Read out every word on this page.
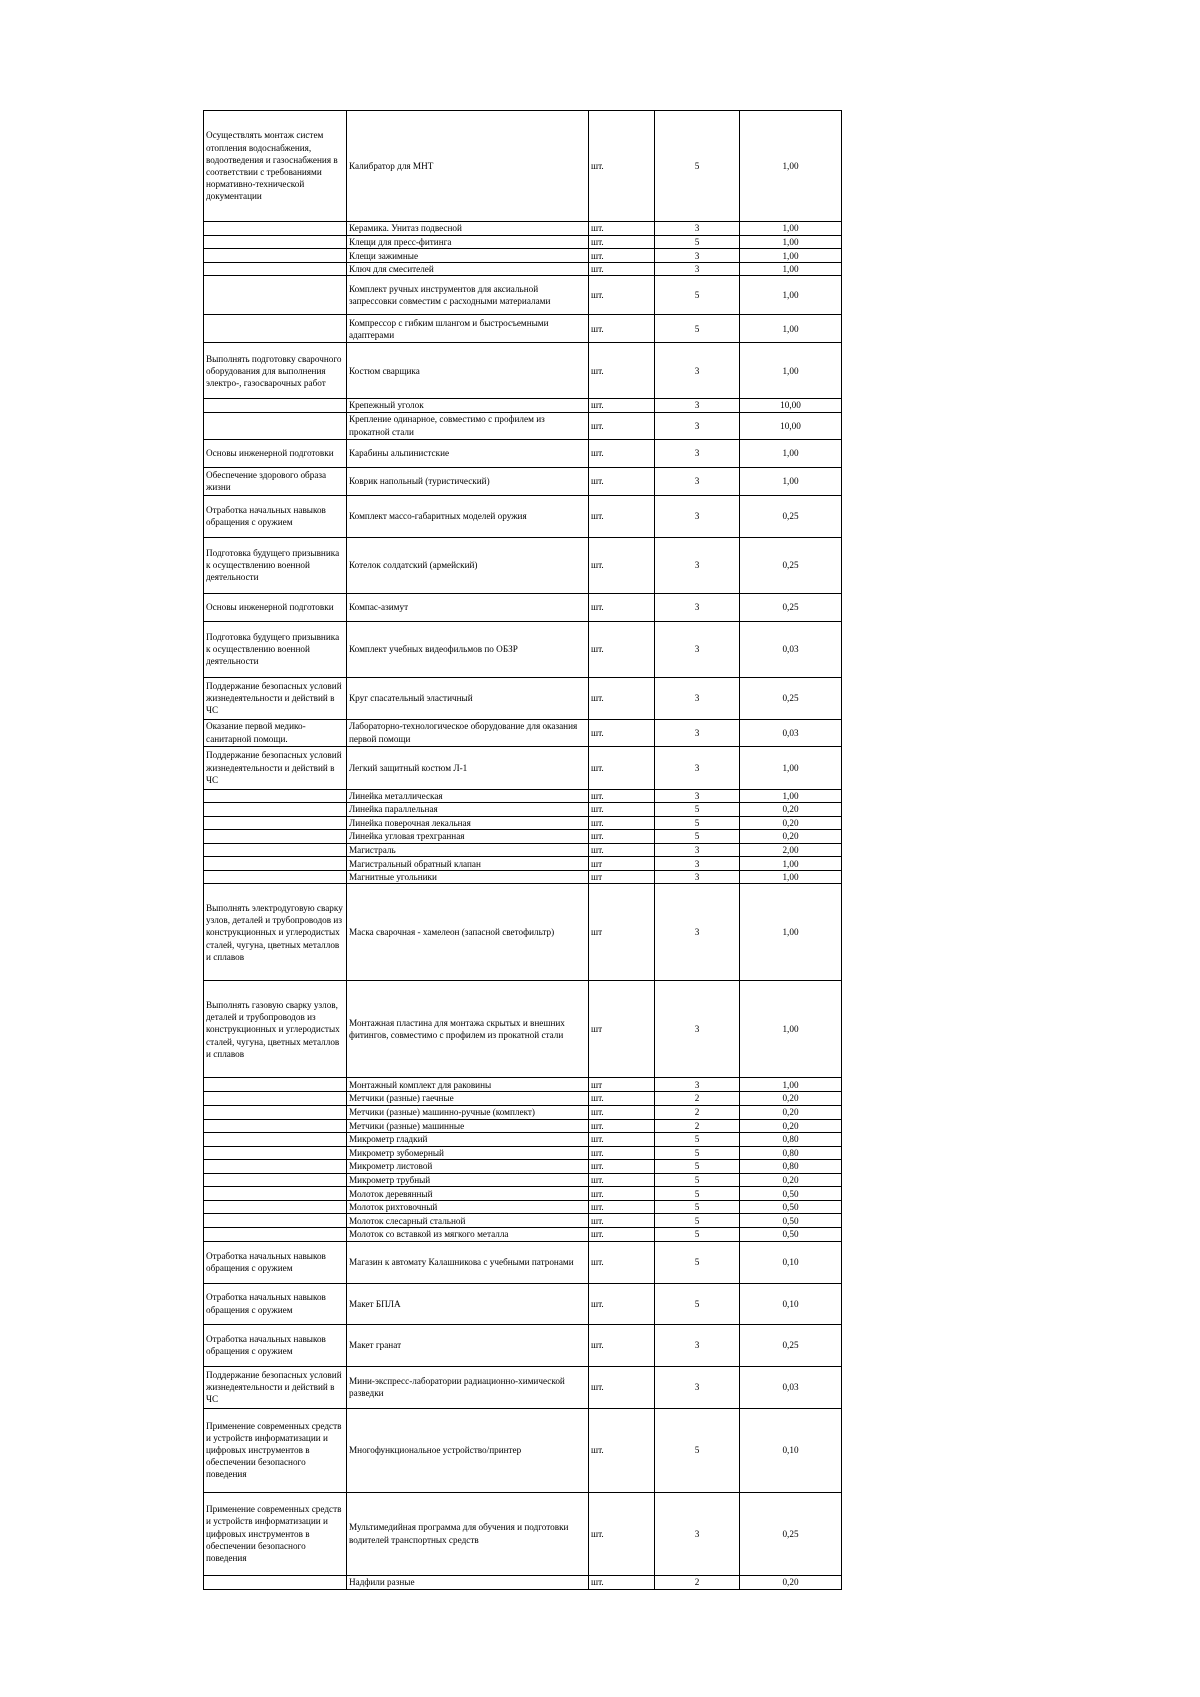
Осуществлять монтаж систем отопления водоснабжения, водоотведения и газоснабжения в соответствии с требованиями нормативно-технической документации	Калибратор для МНТ	шт.	5	1,00
	Керамика. Унитаз подвесной	шт.	3	1,00
	Клещи для пресс-фитинга	шт.	5	1,00
	Клещи зажимные	шт.	3	1,00
	Ключ для смесителей	шт.	3	1,00
	Комплект ручных инструментов для аксиальной запрессовки совместим с расходными материалами	шт.	5	1,00
	Компрессор с гибким шлангом и быстросъемными адаптерами	шт.	5	1,00
Выполнять подготовку сварочного оборудования для выполнения электро-, газосварочных работ	Костюм сварщика	шт.	3	1,00
	Крепежный уголок	шт.	3	10,00
	Крепление одинарное, совместимо с профилем из прокатной стали	шт.	3	10,00
Основы инженерной подготовки	Карабины альпинистские	шт.	3	1,00
Обеспечение здорового образа жизни	Коврик напольный (туристический)	шт.	3	1,00
Отработка начальных навыков обращения с оружием	Комплект массо-габаритных моделей оружия	шт.	3	0,25
Подготовка будущего призывника к осуществлению военной деятельности	Котелок солдатский (армейский)	шт.	3	0,25
Основы инженерной подготовки	Компас-азимут	шт.	3	0,25
Подготовка будущего призывника к осуществлению военной деятельности	Комплект учебных видеофильмов по ОБЗР	шт.	3	0,03
Поддержание безопасных условий жизнедеятельности и действий в ЧС	Круг спасательный эластичный	шт.	3	0,25
Оказание первой медико-санитарной помощи.	Лабораторно-технологическое оборудование для оказания первой помощи	шт.	3	0,03
Поддержание безопасных условий жизнедеятельности и действий в ЧС	Легкий защитный костюм Л-1	шт.	3	1,00
	Линейка металлическая	шт.	3	1,00
	Линейка параллельная	шт.	5	0,20
	Линейка поверочная лекальная	шт.	5	0,20
	Линейка угловая трехгранная	шт.	5	0,20
	Магистраль	шт.	3	2,00
	Магистральный обратный клапан	шт	3	1,00
	Магнитные угольники	шт	3	1,00
Выполнять электродуговую сварку узлов, деталей и трубопроводов из конструкционных и углеродистых сталей, чугуна, цветных металлов и сплавов	Маска сварочная - хамелеон (запасной светофильтр)	шт	3	1,00
Выполнять газовую сварку узлов, деталей и трубопроводов из конструкционных и углеродистых сталей, чугуна, цветных металлов и сплавов	Монтажная пластина для монтажа скрытых и внешних фитингов, совместимо с профилем из прокатной стали	шт	3	1,00
	Монтажный комплект для раковины	шт	3	1,00
	Метчики (разные) гаечные	шт.	2	0,20
	Метчики (разные) машинно-ручные (комплект)	шт.	2	0,20
	Метчики (разные) машинные	шт.	2	0,20
	Микрометр гладкий	шт.	5	0,80
	Микрометр зубомерный	шт.	5	0,80
	Микрометр листовой	шт.	5	0,80
	Микрометр трубный	шт.	5	0,20
	Молоток деревянный	шт.	5	0,50
	Молоток рихтовочный	шт.	5	0,50
	Молоток слесарный стальной	шт.	5	0,50
	Молоток со вставкой из мягкого металла	шт.	5	0,50
Отработка начальных навыков обращения с оружием	Магазин к автомату Калашникова с учебными патронами	шт.	5	0,10
Отработка начальных навыков обращения с оружием	Макет БПЛА	шт.	5	0,10
Отработка начальных навыков обращения с оружием	Макет гранат	шт.	3	0,25
Поддержание безопасных условий жизнедеятельности и действий в ЧС	Мини-экспресс-лаборатории радиационно-химической разведки	шт.	3	0,03
Применение современных средств и устройств информатизации и цифровых инструментов в обеспечении безопасного поведения	Многофункциональное устройство/принтер	шт.	5	0,10
Применение современных средств и устройств информатизации и цифровых инструментов в обеспечении безопасного поведения	Мультимедийная программа для обучения и подготовки водителей транспортных средств	шт.	3	0,25
	Надфили разные	шт.	2	0,20
